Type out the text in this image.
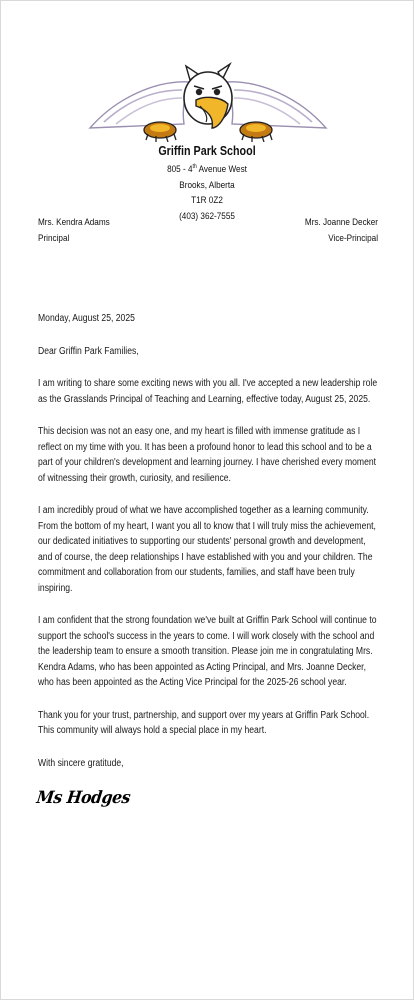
Griffin Park School
805 - 4th Avenue West
Brooks, Alberta
T1R 0Z2
(403) 362-7555
Mrs. Kendra Adams
Principal
Mrs. Joanne Decker
Vice-Principal

Monday, August 25, 2025

Dear Griffin Park Families,

I am writing to share some exciting news with you all. I've accepted a new leadership role as the Grasslands Principal of Teaching and Learning, effective today, August 25, 2025.

This decision was not an easy one, and my heart is filled with immense gratitude as I reflect on my time with you. It has been a profound honor to lead this school and to be a part of your children's development and learning journey. I have cherished every moment of witnessing their growth, curiosity, and resilience.

I am incredibly proud of what we have accomplished together as a learning community. From the bottom of my heart, I want you all to know that I will truly miss the achievement, our dedicated initiatives to supporting our students' personal growth and development, and of course, the deep relationships I have established with you and your children. The commitment and collaboration from our students, families, and staff have been truly inspiring.

I am confident that the strong foundation we've built at Griffin Park School will continue to support the school's success in the years to come. I will work closely with the school and the leadership team to ensure a smooth transition. Please join me in congratulating Mrs. Kendra Adams, who has been appointed as Acting Principal, and Mrs. Joanne Decker, who has been appointed as the Acting Vice Principal for the 2025-26 school year.

Thank you for your trust, partnership, and support over my years at Griffin Park School. This community will always hold a special place in my heart.

With sincere gratitude,

Ms Hodges
